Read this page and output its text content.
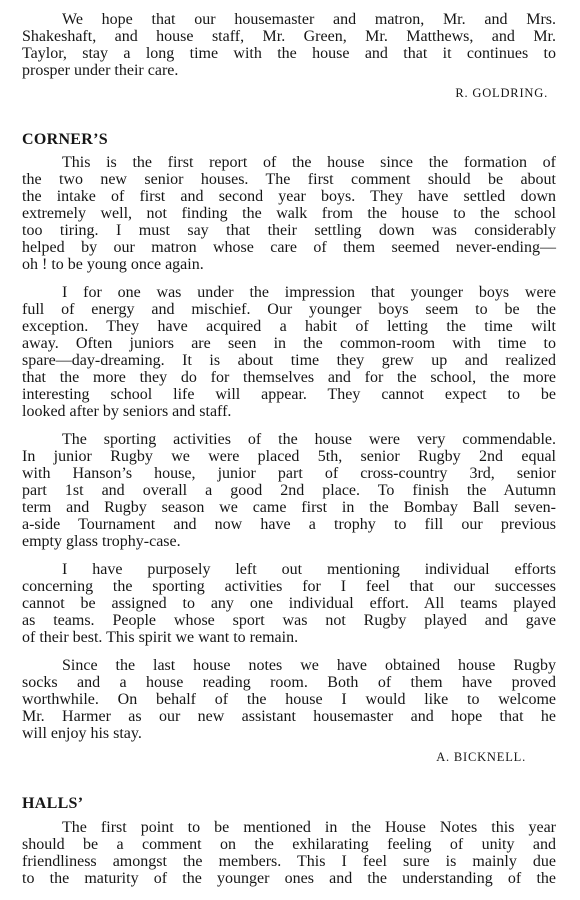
We hope that our housemaster and matron, Mr. and Mrs.
Shakeshaft, and house staff, Mr. Green, Mr. Matthews, and Mr.
Taylor, stay a long time with the house and that it continues to
prosper under their care.
R. GOLDRING.
CORNER’S
This is the first report of the house since the formation of
the two new senior houses. The first comment should be about
the intake of first and second year boys. They have settled down
extremely well, not finding the walk from the house to the school
too tiring. I must say that their settling down was considerably
helped by our matron whose care of them seemed never-ending—
oh ! to be young once again.
I for one was under the impression that younger boys were
full of energy and mischief. Our younger boys seem to be the
exception. They have acquired a habit of letting the time wilt
away. Often juniors are seen in the common-room with time to
spare—day-dreaming. It is about time they grew up and realized
that the more they do for themselves and for the school, the more
interesting school life will appear. They cannot expect to be
looked after by seniors and staff.
The sporting activities of the house were very commendable.
In junior Rugby we were placed 5th, senior Rugby 2nd equal
with Hanson’s house, junior part of cross-country 3rd, senior
part 1st and overall a good 2nd place. To finish the Autumn
term and Rugby season we came first in the Bombay Ball seven-
a-side Tournament and now have a trophy to fill our previous
empty glass trophy-case.
I have purposely left out mentioning individual efforts
concerning the sporting activities for I feel that our successes
cannot be assigned to any one individual effort. All teams played
as teams. People whose sport was not Rugby played and gave
of their best. This spirit we want to remain.
Since the last house notes we have obtained house Rugby
socks and a house reading room. Both of them have proved
worthwhile. On behalf of the house I would like to welcome
Mr. Harmer as our new assistant housemaster and hope that he
will enjoy his stay.
A. BICKNELL.
HALLS’
The first point to be mentioned in the House Notes this year
should be a comment on the exhilarating feeling of unity and
friendliness amongst the members. This I feel sure is mainly due
to the maturity of the younger ones and the understanding of the
